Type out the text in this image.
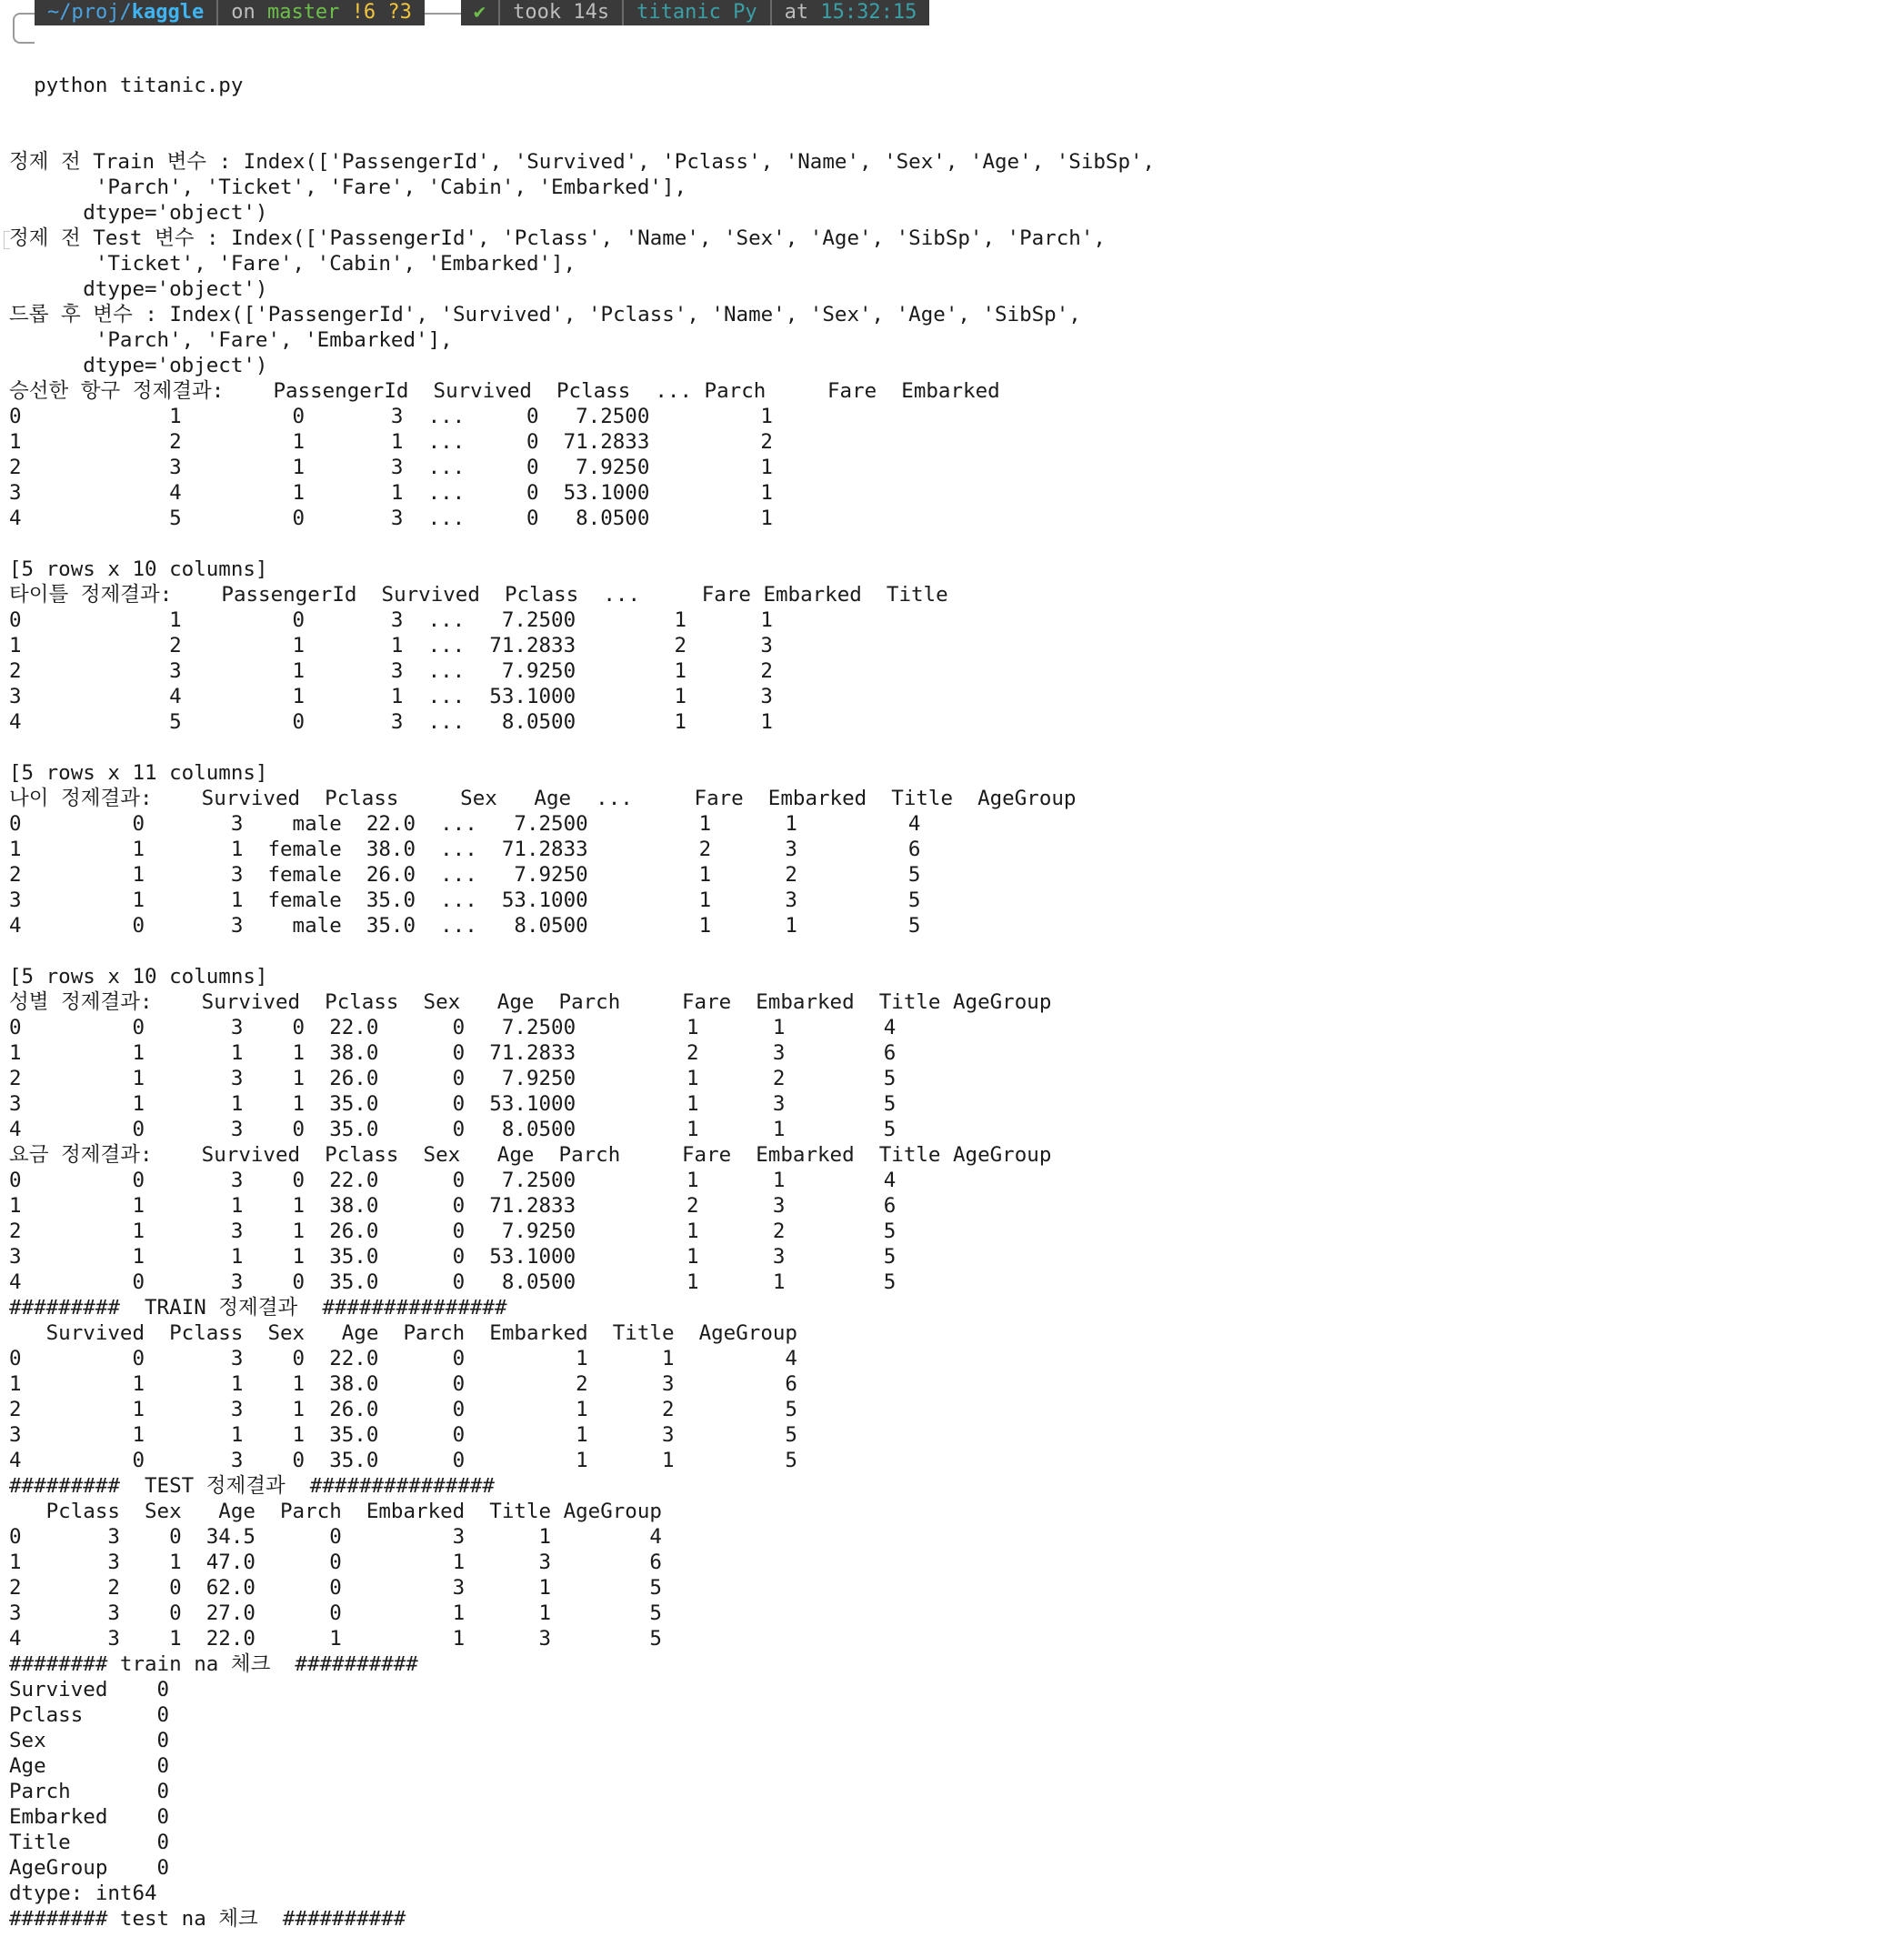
~/proj/kaggle	on master !6 ?3	✔	took 14s	titanic Py	at 15:32:15

python titanic.py

정제 전 Train 변수 : Index(['PassengerId', 'Survived', 'Pclass', 'Name', 'Sex', 'Age', 'SibSp',
'Parch', 'Ticket', 'Fare', 'Cabin', 'Embarked'],
dtype='object')
정제 전 Test 변수 : Index(['PassengerId', 'Pclass', 'Name', 'Sex', 'Age', 'SibSp', 'Parch',
'Ticket', 'Fare', 'Cabin', 'Embarked'],
dtype='object')
드롭 후 변수 : Index(['PassengerId', 'Survived', 'Pclass', 'Name', 'Sex', 'Age', 'SibSp',
'Parch', 'Fare', 'Embarked'],
dtype='object')
승선한 항구 정제결과:    PassengerId  Survived  Pclass  ... Parch     Fare  Embarked
0            1         0       3  ...     0   7.2500         1
1            2         1       1  ...     0  71.2833         2
2            3         1       3  ...     0   7.9250         1
3            4         1       1  ...     0  53.1000         1
4            5         0       3  ...     0   8.0500         1
[5 rows x 10 columns]
타이틀 정제결과:    PassengerId  Survived  Pclass  ...     Fare Embarked  Title
0            1         0       3  ...   7.2500        1      1
1            2         1       1  ...  71.2833        2      3
2            3         1       3  ...   7.9250        1      2
3            4         1       1  ...  53.1000        1      3
4            5         0       3  ...   8.0500        1      1
[5 rows x 11 columns]
나이 정제결과:    Survived  Pclass     Sex   Age  ...     Fare  Embarked  Title  AgeGroup
0         0       3    male  22.0  ...   7.2500         1      1         4
1         1       1  female  38.0  ...  71.2833         2      3         6
2         1       3  female  26.0  ...   7.9250         1      2         5
3         1       1  female  35.0  ...  53.1000         1      3         5
4         0       3    male  35.0  ...   8.0500         1      1         5
[5 rows x 10 columns]
성별 정제결과:    Survived  Pclass  Sex   Age  Parch     Fare  Embarked  Title AgeGroup
0         0       3    0  22.0      0   7.2500         1      1        4
1         1       1    1  38.0      0  71.2833         2      3        6
2         1       3    1  26.0      0   7.9250         1      2        5
3         1       1    1  35.0      0  53.1000         1      3        5
4         0       3    0  35.0      0   8.0500         1      1        5
요금 정제결과:    Survived  Pclass  Sex   Age  Parch     Fare  Embarked  Title AgeGroup
0         0       3    0  22.0      0   7.2500         1      1        4
1         1       1    1  38.0      0  71.2833         2      3        6
2         1       3    1  26.0      0   7.9250         1      2        5
3         1       1    1  35.0      0  53.1000         1      3        5
4         0       3    0  35.0      0   8.0500         1      1        5
#########  TRAIN 정제결과  ###############
Survived  Pclass  Sex   Age  Parch  Embarked  Title  AgeGroup
0         0       3    0  22.0      0         1      1         4
1         1       1    1  38.0      0         2      3         6
2         1       3    1  26.0      0         1      2         5
3         1       1    1  35.0      0         1      3         5
4         0       3    0  35.0      0         1      1         5
#########  TEST 정제결과  ###############
Pclass  Sex   Age  Parch  Embarked  Title AgeGroup
0       3    0  34.5      0         3      1        4
1       3    1  47.0      0         1      3        6
2       2    0  62.0      0         3      1        5
3       3    0  27.0      0         1      1        5
4       3    1  22.0      1         1      3        5
######## train na 체크  ##########
Survived    0
Pclass      0
Sex         0
Age         0
Parch       0
Embarked    0
Title       0
AgeGroup    0
dtype: int64
######## test na 체크  ##########
